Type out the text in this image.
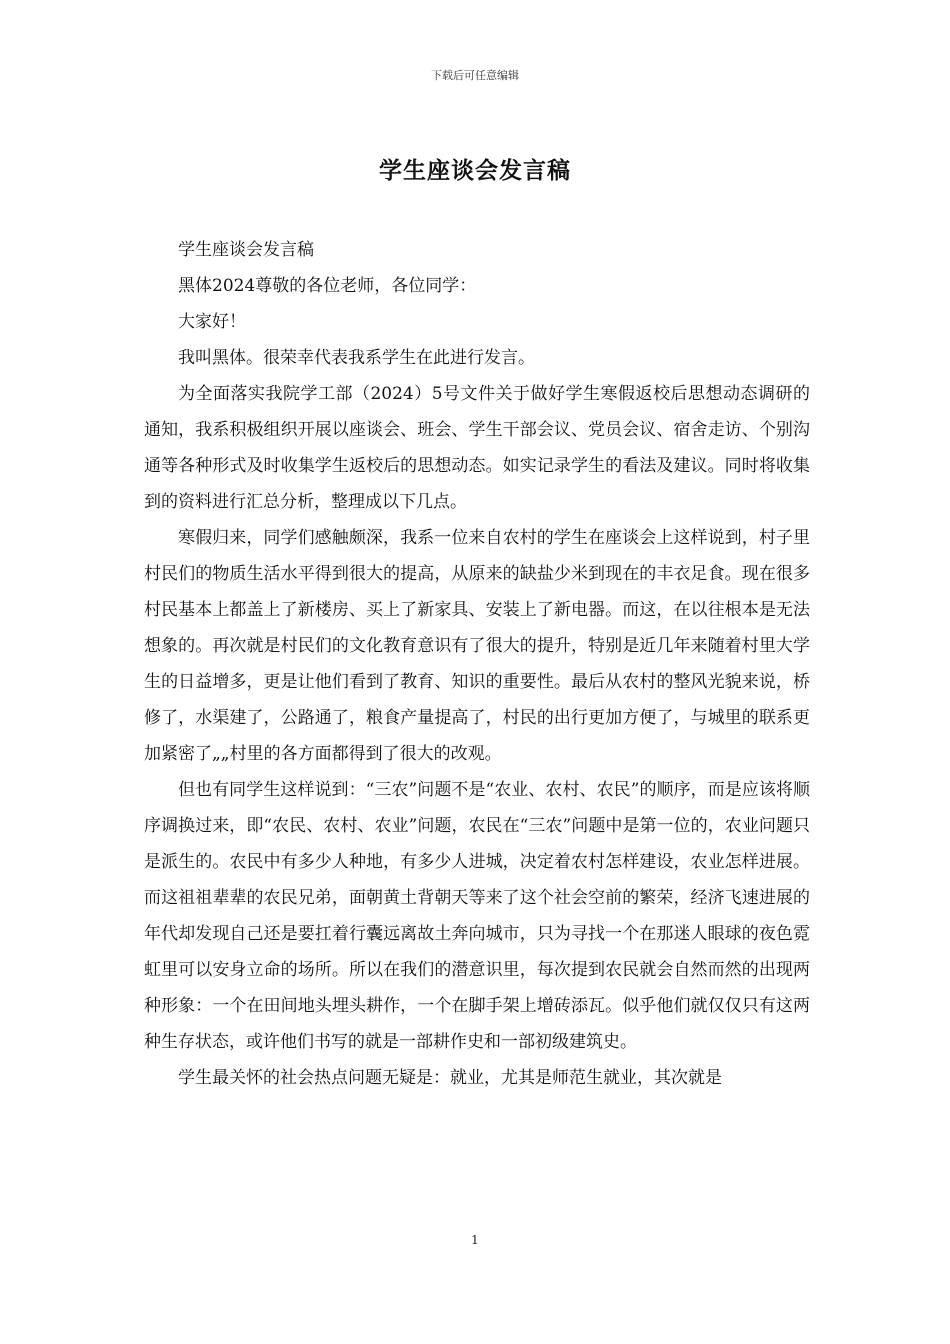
下载后可任意编辑
学生座谈会发言稿

学生座谈会发言稿

黑体2024尊敬的各位老师，各位同学：

大家好！

我叫黑体。很荣幸代表我系学生在此进行发言。

为全面落实我院学工部（2024）5号文件关于做好学生寒假返校后思想动态调研的通知，我系积极组织开展以座谈会、班会、学生干部会议、党员会议、宿舍走访、个别沟通等各种形式及时收集学生返校后的思想动态。如实记录学生的看法及建议。同时将收集到的资料进行汇总分析，整理成以下几点。

寒假归来，同学们感触颇深，我系一位来自农村的学生在座谈会上这样说到，村子里村民们的物质生活水平得到很大的提高，从原来的缺盐少米到现在的丰衣足食。现在很多村民基本上都盖上了新楼房、买上了新家具、安装上了新电器。而这，在以往根本是无法想象的。再次就是村民们的文化教育意识有了很大的提升，特别是近几年来随着村里大学生的日益增多，更是让他们看到了教育、知识的重要性。最后从农村的整风光貌来说，桥修了，水渠建了，公路通了，粮食产量提高了，村民的出行更加方便了，与城里的联系更加紧密了„„村里的各方面都得到了很大的改观。

但也有同学生这样说到：“三农”问题不是“农业、农村、农民”的顺序，而是应该将顺序调换过来，即“农民、农村、农业”问题，农民在“三农”问题中是第一位的，农业问题只是派生的。农民中有多少人种地，有多少人进城，决定着农村怎样建设，农业怎样进展。而这祖祖辈辈的农民兄弟，面朝黄土背朝天等来了这个社会空前的繁荣，经济飞速进展的年代却发现自己还是要扛着行囊远离故土奔向城市，只为寻找一个在那迷人眼球的夜色霓虹里可以安身立命的场所。所以在我们的潜意识里，每次提到农民就会自然而然的出现两种形象：一个在田间地头埋头耕作，一个在脚手架上增砖添瓦。似乎他们就仅仅只有这两种生存状态，或许他们书写的就是一部耕作史和一部初级建筑史。

学生最关怀的社会热点问题无疑是：就业，尤其是师范生就业，其次就是

1
